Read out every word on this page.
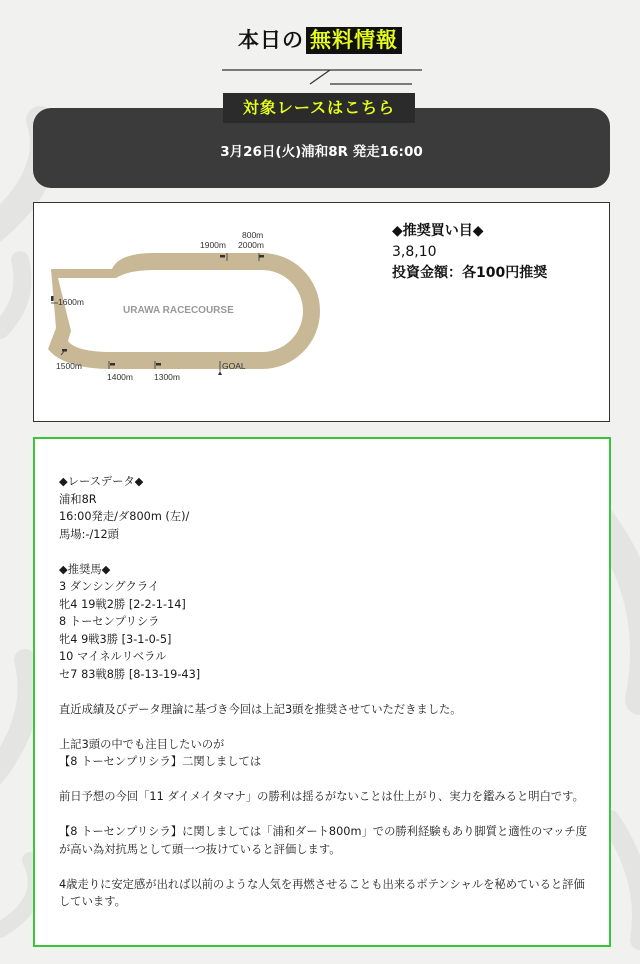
本日の 無料情報
3月26日(火)浦和8R 発走16:00
対象レースはこちら
URAWA RACECOURSE
800m
1900m 2000m
1600m
1500m
1400m 1300m
GOAL
◆推奨買い目◆
3,8,10
投資金額：各100円推奨

◆レースデータ◆

浦和8R

16:00発走/ダ800m (左)/

馬場:-/12頭

◆推奨馬◆

3 ダンシングクライ

牝4 19戦2勝 [2-2-1-14]

8 トーセンプリシラ

牝4 9戦3勝 [3-1-0-5]

10 マイネルリベラル

セ7 83戦8勝 [8-13-19-43]

直近成績及びデータ理論に基づき今回は上記3頭を推奨させていただきました。

上記3頭の中でも注目したいのが

【8 トーセンプリシラ】二関しましては

前日予想の今回「11 ダイメイタマナ」の勝利は揺るがないことは仕上がり、実力を鑑みると明白です。

【8 トーセンプリシラ】に関しましては「浦和ダート800m」での勝利経験もあり脚質と適性のマッチ度が高い為対抗馬として頭一つ抜けていると評価します。

4歳走りに安定感が出れば以前のような人気を再燃させることも出来るポテンシャルを秘めていると評価しています。
